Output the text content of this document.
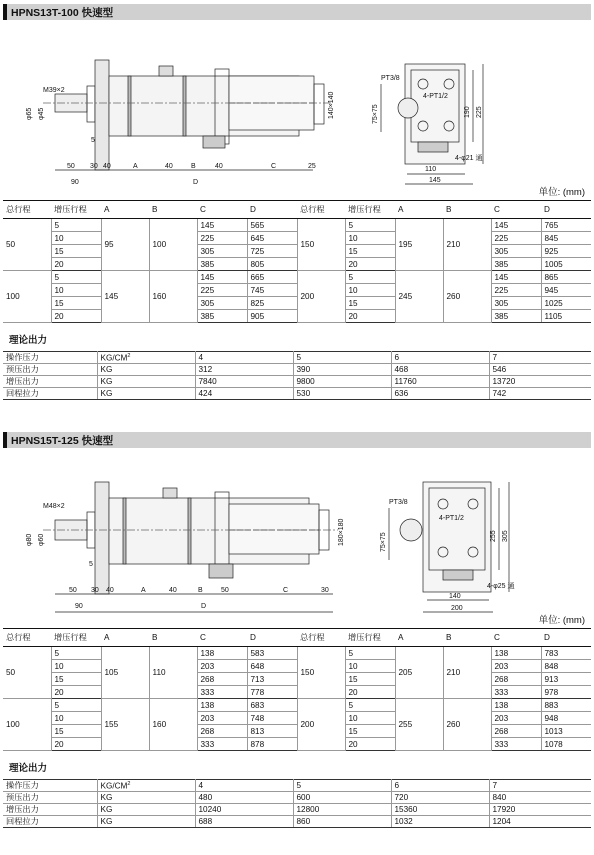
HPNS13T-100 快速型
M39×2
φ65 φ45	140×140
50 30 40	A	40	B	40	C	25
90	D
5
PT3/8
4-PT1/2
75×75	190 225
4-φ21 通
110
145
单位: (mm)
总行程	增压行程	A	B	C	D	总行程	增压行程	A	B	C	D
50	5	95	100	145	565	150	5	195	210	145	765
	10			225	645		10			225	845
	15			305	725		15			305	925
	20			385	805		20			385	1005
100	5	145	160	145	665	200	5	245	260	145	865
	10			225	745		10			225	945
	15			305	825		15			305	1025
	20			385	905		20			385	1105
理论出力
操作压力	$KG/CM^2$	4	5	6	7
预压出力	KG	312	390	468	546
增压出力	KG	7840	9800	11760	13720
回程拉力	KG	424	530	636	742
HPNS15T-125 快速型
M48×2
φ80 φ60	180×180
50 30 40	A	40	B	50	C	30
90	D
5
PT3/8
4-PT1/2
75×75	255 305
4-φ25 通
140
200
单位: (mm)
总行程	增压行程	A	B	C	D	总行程	增压行程	A	B	C	D
50	5	105	110	138	583	150	5	205	210	138	783
	10			203	648		10			203	848
	15			268	713		15			268	913
	20			333	778		20			333	978
100	5	155	160	138	683	200	5	255	260	138	883
	10			203	748		10			203	948
	15			268	813		15			268	1013
	20			333	878		20			333	1078
理论出力
操作压力	$KG/CM^2$	4	5	6	7
预压出力	KG	480	600	720	840
增压出力	KG	10240	12800	15360	17920
回程拉力	KG	688	860	1032	1204
